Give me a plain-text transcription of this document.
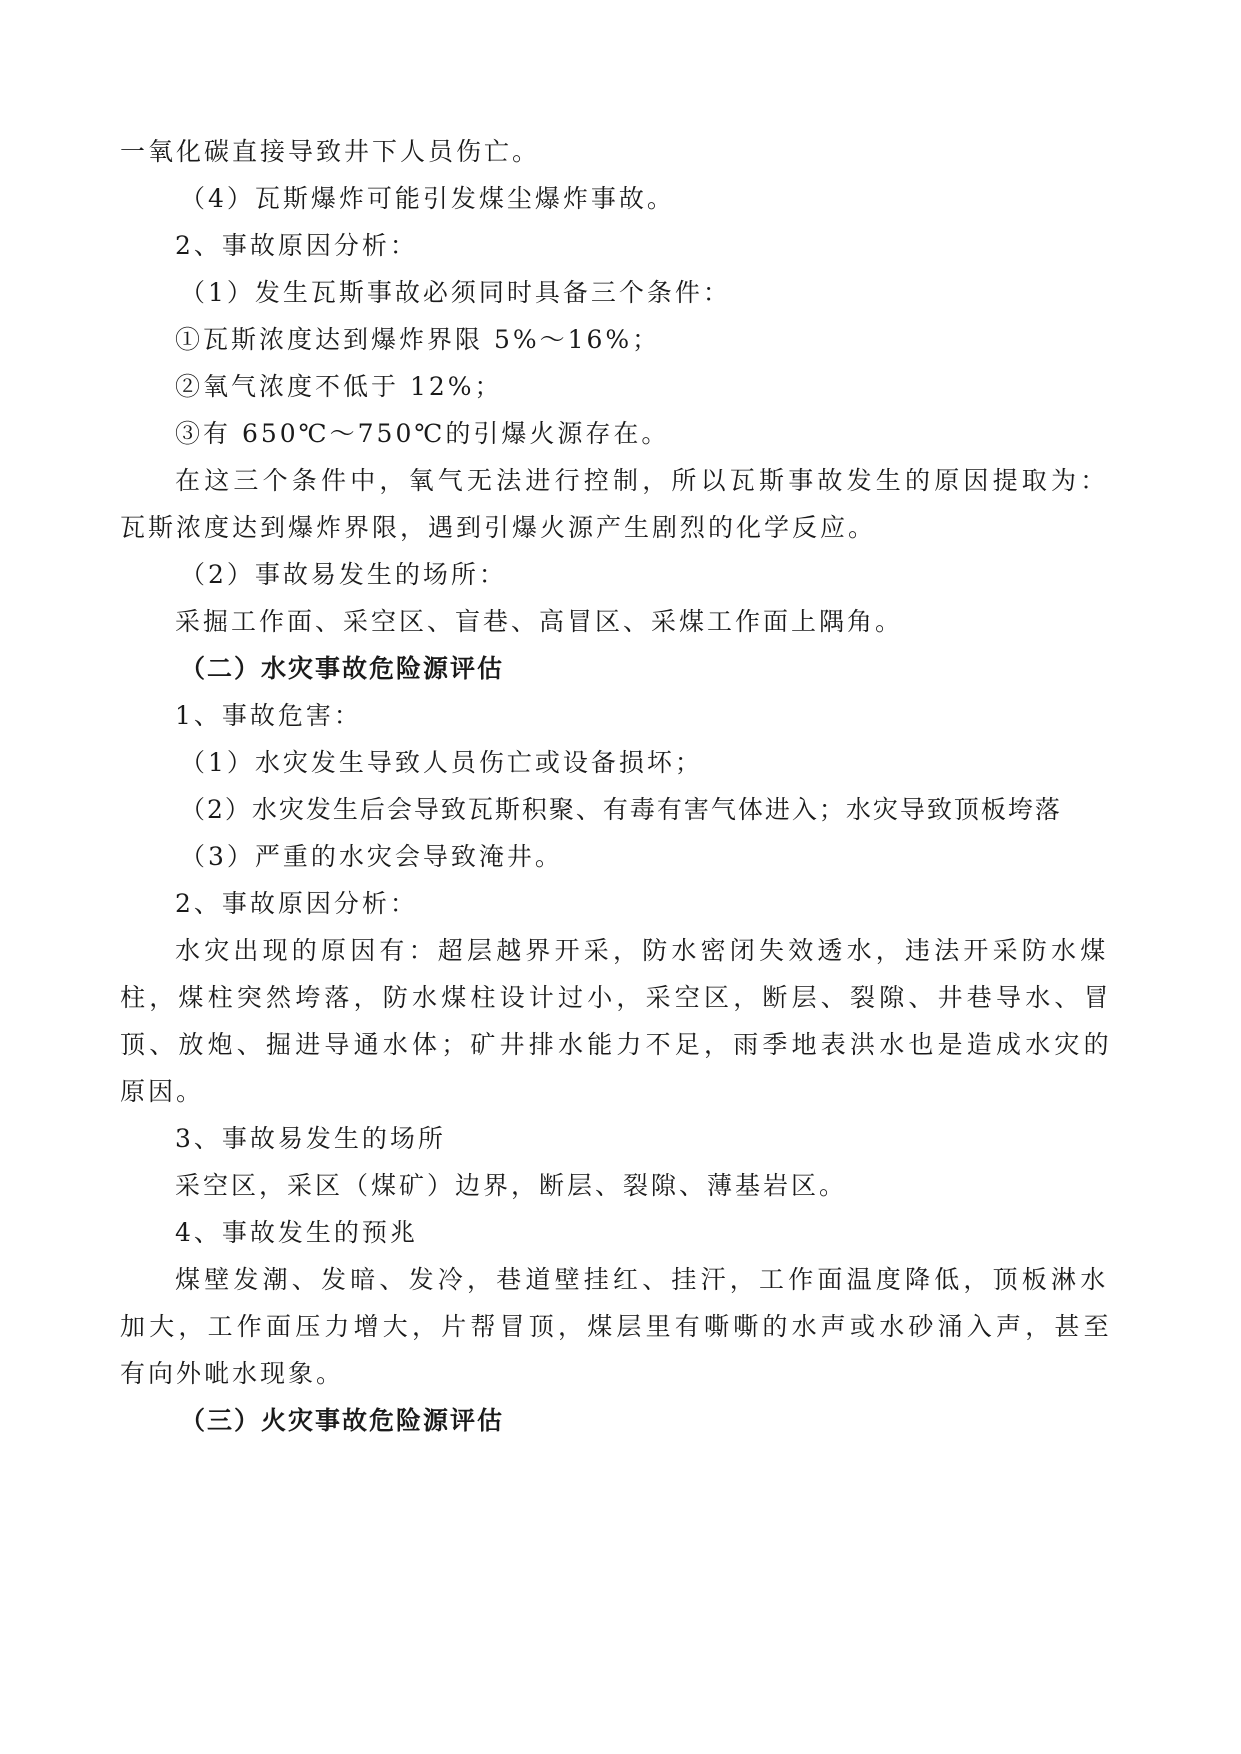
一氧化碳直接导致井下人员伤亡。
（4）瓦斯爆炸可能引发煤尘爆炸事故。
2、事故原因分析：
（1）发生瓦斯事故必须同时具备三个条件：
①瓦斯浓度达到爆炸界限 5%～16%；
②氧气浓度不低于 12%；
③有 650℃～750℃的引爆火源存在。
在这三个条件中，氧气无法进行控制，所以瓦斯事故发生的原因提取为：
瓦斯浓度达到爆炸界限，遇到引爆火源产生剧烈的化学反应。
（2）事故易发生的场所：
采掘工作面、采空区、盲巷、高冒区、采煤工作面上隅角。
（二）水灾事故危险源评估
1、事故危害：
（1）水灾发生导致人员伤亡或设备损坏；
（2）水灾发生后会导致瓦斯积聚、有毒有害气体进入；水灾导致顶板垮落
（3）严重的水灾会导致淹井。
2、事故原因分析：
水灾出现的原因有：超层越界开采，防水密闭失效透水，违法开采防水煤
柱，煤柱突然垮落，防水煤柱设计过小，采空区，断层、裂隙、井巷导水、冒
顶、放炮、掘进导通水体；矿井排水能力不足，雨季地表洪水也是造成水灾的
原因。
3、事故易发生的场所
采空区，采区（煤矿）边界，断层、裂隙、薄基岩区。
4、事故发生的预兆
煤壁发潮、发暗、发冷，巷道壁挂红、挂汗，工作面温度降低，顶板淋水
加大，工作面压力增大，片帮冒顶，煤层里有嘶嘶的水声或水砂涌入声，甚至
有向外呲水现象。
（三）火灾事故危险源评估
